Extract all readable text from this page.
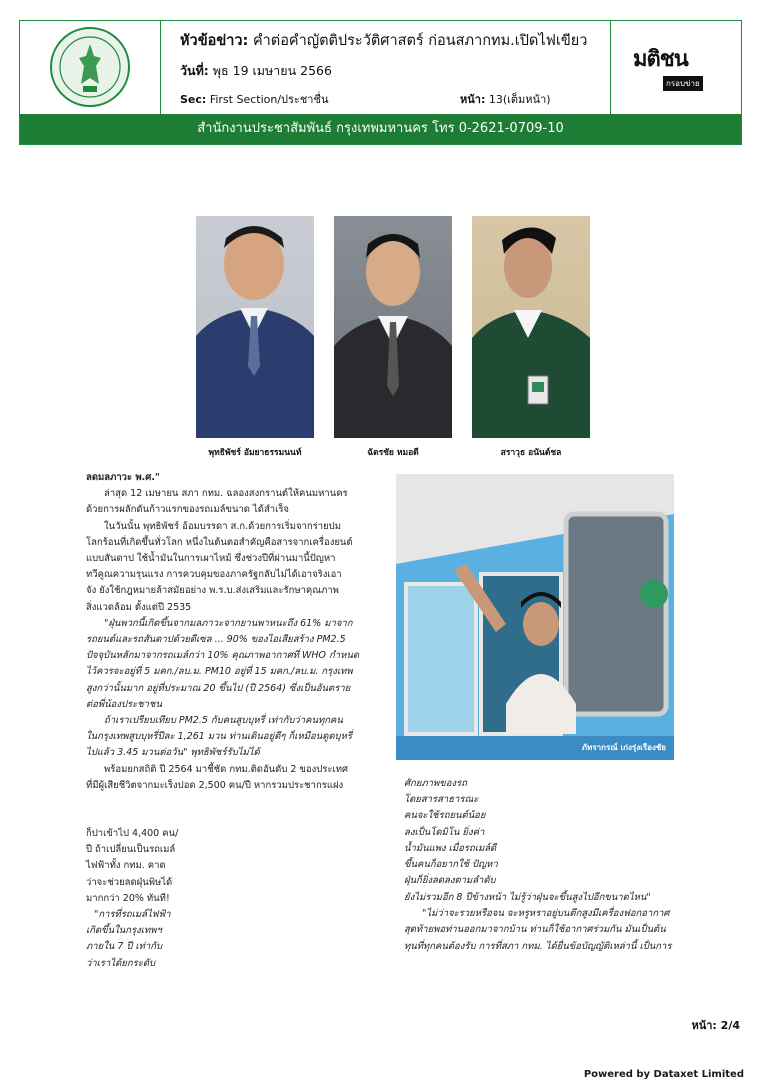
หัวข้อข่าว: คำต่อคำญัตติประวัติศาสตร์ ก่อนสภากทม.เปิดไฟเขียว
วันที่: พุธ 19 เมษายน 2566
Sec: First Section/ประชาชื่น	หน้า: 13(เต็มหน้า)
มติชน
กรอบข่าย
สำนักงานประชาสัมพันธ์ กรุงเทพมหานคร โทร 0-2621-0709-10
พุทธิพัชร์ อัมยาธรรมนนท์	ฉัตรชัย หมอดี	สราวุธ อนันต์ชล

ลดมลภาวะ พ.ศ."

ล่าสุด 12 เมษายน สภา กทม. ฉลองสงกรานต์ให้คนมหานคร

ด้วยการผลักดันก้าวแรกของรถเมล์ขนาด ได้สำเร็จ

ในวันนั้น พุทธิพัชร์ อ้อมบรรดา ส.ก.ด้วยการเริ่มจากร่ายปม

โลกร้อนที่เกิดขึ้นทั่วโลก หนึ่งในต้นตอสำคัญคือสารจากเครื่องยนต์

แบบสันดาป ใช้น้ำมันในการเผาไหม้ ซึ่งช่วงปีที่ผ่านมานี้ปัญหา

ทวีคูณความรุนแรง การควบคุมของภาครัฐกลับไม่ได้เอาจริงเอา

จัง ยังใช้กฎหมายล้าสมัยอย่าง พ.ร.บ.ส่งเสริมและรักษาคุณภาพ

สิ่งแวดล้อม ตั้งแต่ปี 2535

"ฝุ่นพวกนี้เกิดขึ้นจากมลภาวะจากยานพาหนะถึง 61% มาจาก

รถยนต์และรถสันดาปด้วยดีเซล ... 90% ของไอเสียสร้าง PM2.5

ปัจจุบันหลักมาจากรถเมล์กว่า 10% คุณภาพอากาศที่ WHO กำหนด

ไว้ควรจะอยู่ที่ 5 มคก./ลบ.ม. PM10 อยู่ที่ 15 มคก./ลบ.ม. กรุงเทพ

สูงกว่านั้นมาก อยู่ที่ประมาณ 20 ขึ้นไป (ปี 2564) ซึ่งเป็นอันตราย

ต่อพี่น้องประชาชน

ถ้าเราเปรียบเทียบ PM2.5 กับคนสูบบุหรี่ เท่ากับว่าคนทุกคน

ในกรุงเทพสูบบุหรี่ปีละ 1,261 มวน ท่านเดินอยู่ดีๆ ก็เหมือนดูดบุหรี่

ไปแล้ว 3.45 มวนต่อวัน" พุทธิพัชร์รับไม่ได้

พร้อมยกสถิติ ปี 2564 มาชี้ชัด กทม.ติดอันดับ 2 ของประเทศ

ที่มีผู้เสียชีวิตจากมะเร็งปอด 2,500 คน/ปี หากรวมประชากรแฝง

ภัทรากรณ์ เก่งรุ่งเรืองชัย

ก็ปาเข้าไป 4,400 คน/

ปี ถ้าเปลี่ยนเป็นรถเมล์

ไฟฟ้าทั้ง กทม. คาด

ว่าจะช่วยลดฝุ่นพิษได้

มากกว่า 20% ทันที!

"การที่รถเมล์ไฟฟ้า

เกิดขึ้นในกรุงเทพฯ

ภายใน 7 ปี เท่ากับ

ว่าเราได้ยกระดับ

ศักยภาพของรถ

โดยสารสาธารณะ

คนจะใช้รถยนต์น้อย

ลงเป็นโดมิโน ยิ่งค่า

น้ำมันแพง เมื่อรถเมล์ดี

ขึ้นคนก็อยากใช้ ปัญหา

ฝุ่นก็ยิ่งลดลงตามลำดับ

ยังไม่รวมอีก 8 ปีข้างหน้า ไม่รู้ว่าฝุ่นจะขึ้นสูงไปอีกขนาดไหน"

"ไม่ว่าจะรวยหรือจน จะหรูหราอยู่บนตึกสูงมีเครื่องฟอกอากาศ

สุดท้ายพอท่านออกมาจากบ้าน ท่านก็ใช้อากาศร่วมกัน มันเป็นต้น

ทุนที่ทุกคนต้องรับ การที่สภา กทม. ได้ยื่นข้อบัญญัติเหล่านี้ เป็นการ

หน้า: 2/4
Powered by Dataxet Limited
